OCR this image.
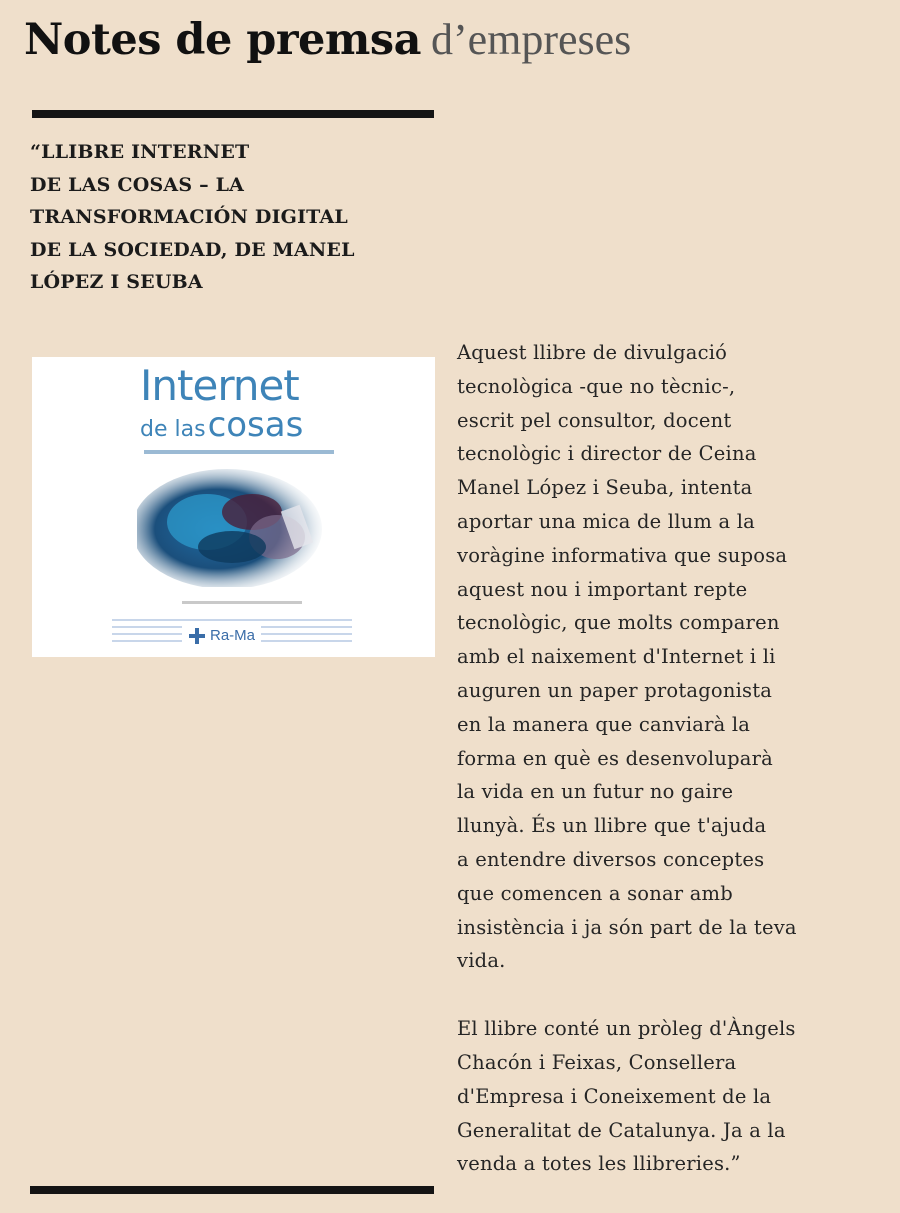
Notes de premsa d’empreses
“LLIBRE INTERNET
DE LAS COSAS – LA
TRANSFORMACIÓN DIGITAL
DE LA SOCIEDAD, DE MANEL
LÓPEZ I SEUBA
Internet
de lascosas
Ra-Ma

Aquest llibre de divulgació
tecnològica -que no tècnic-,
escrit pel consultor, docent
tecnològic i director de Ceina
Manel López i Seuba, intenta
aportar una mica de llum a la
voràgine informativa que suposa
aquest nou i important repte
tecnològic, que molts comparen
amb el naixement d'Internet i li
auguren un paper protagonista
en la manera que canviarà la
forma en què es desenvoluparà
la vida en un futur no gaire
llunyà. És un llibre que t'ajuda
a entendre diversos conceptes
que comencen a sonar amb
insistència i ja són part de la teva
vida.

El llibre conté un pròleg d'Àngels
Chacón i Feixas, Consellera
d'Empresa i Coneixement de la
Generalitat de Catalunya. Ja a la
venda a totes les llibreries.”
